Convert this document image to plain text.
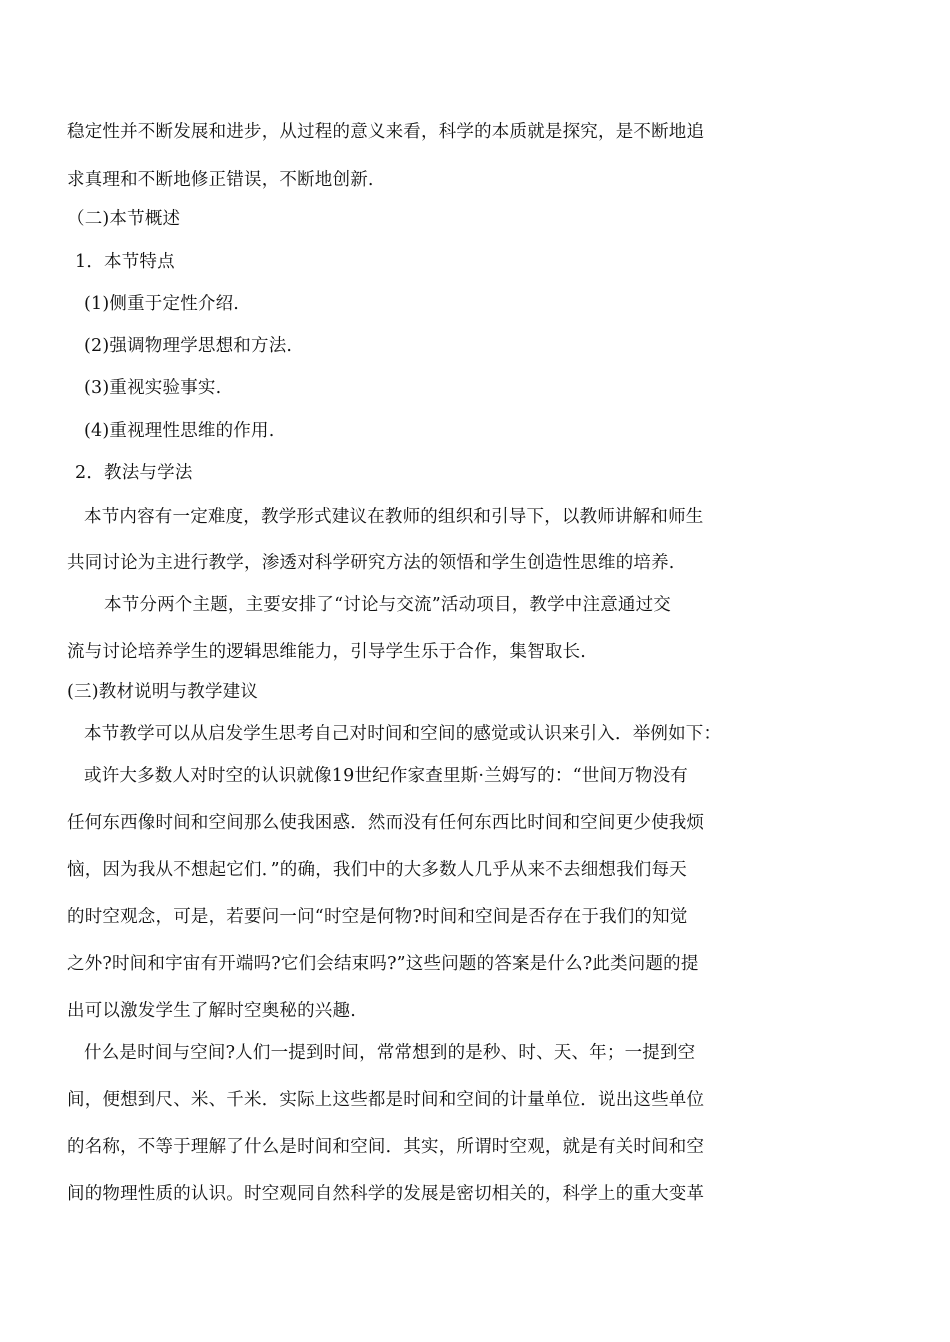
稳定性并不断发展和进步，从过程的意义来看，科学的本质就是探究，是不断地追
求真理和不断地修正错误，不断地创新.
（二)本节概述
1．本节特点
(1)侧重于定性介绍.
(2)强调物理学思想和方法.
(3)重视实验事实.
(4)重视理性思维的作用.
2．教法与学法
本节内容有一定难度，教学形式建议在教师的组织和引导下，以教师讲解和师生
共同讨论为主进行教学，渗透对科学研究方法的领悟和学生创造性思维的培养.
本节分两个主题，主要安排了“讨论与交流”活动项目，教学中注意通过交
流与讨论培养学生的逻辑思维能力，引导学生乐于合作，集智取长.
(三)教材说明与教学建议
本节教学可以从启发学生思考自己对时间和空间的感觉或认识来引入．举例如下：
或许大多数人对时空的认识就像19世纪作家查里斯·兰姆写的：“世间万物没有
任何东西像时间和空间那么使我困惑．然而没有任何东西比时间和空间更少使我烦
恼，因为我从不想起它们．”的确，我们中的大多数人几乎从来不去细想我们每天
的时空观念，可是，若要问一问“时空是何物?时间和空间是否存在于我们的知觉
之外?时间和宇宙有开端吗?它们会结束吗?”这些问题的答案是什么?此类问题的提
出可以激发学生了解时空奥秘的兴趣.
什么是时间与空间?人们一提到时间，常常想到的是秒、时、天、年；一提到空
间，便想到尺、米、千米．实际上这些都是时间和空间的计量单位．说出这些单位
的名称，不等于理解了什么是时间和空间．其实，所谓时空观，就是有关时间和空
间的物理性质的认识。时空观同自然科学的发展是密切相关的，科学上的重大变革
